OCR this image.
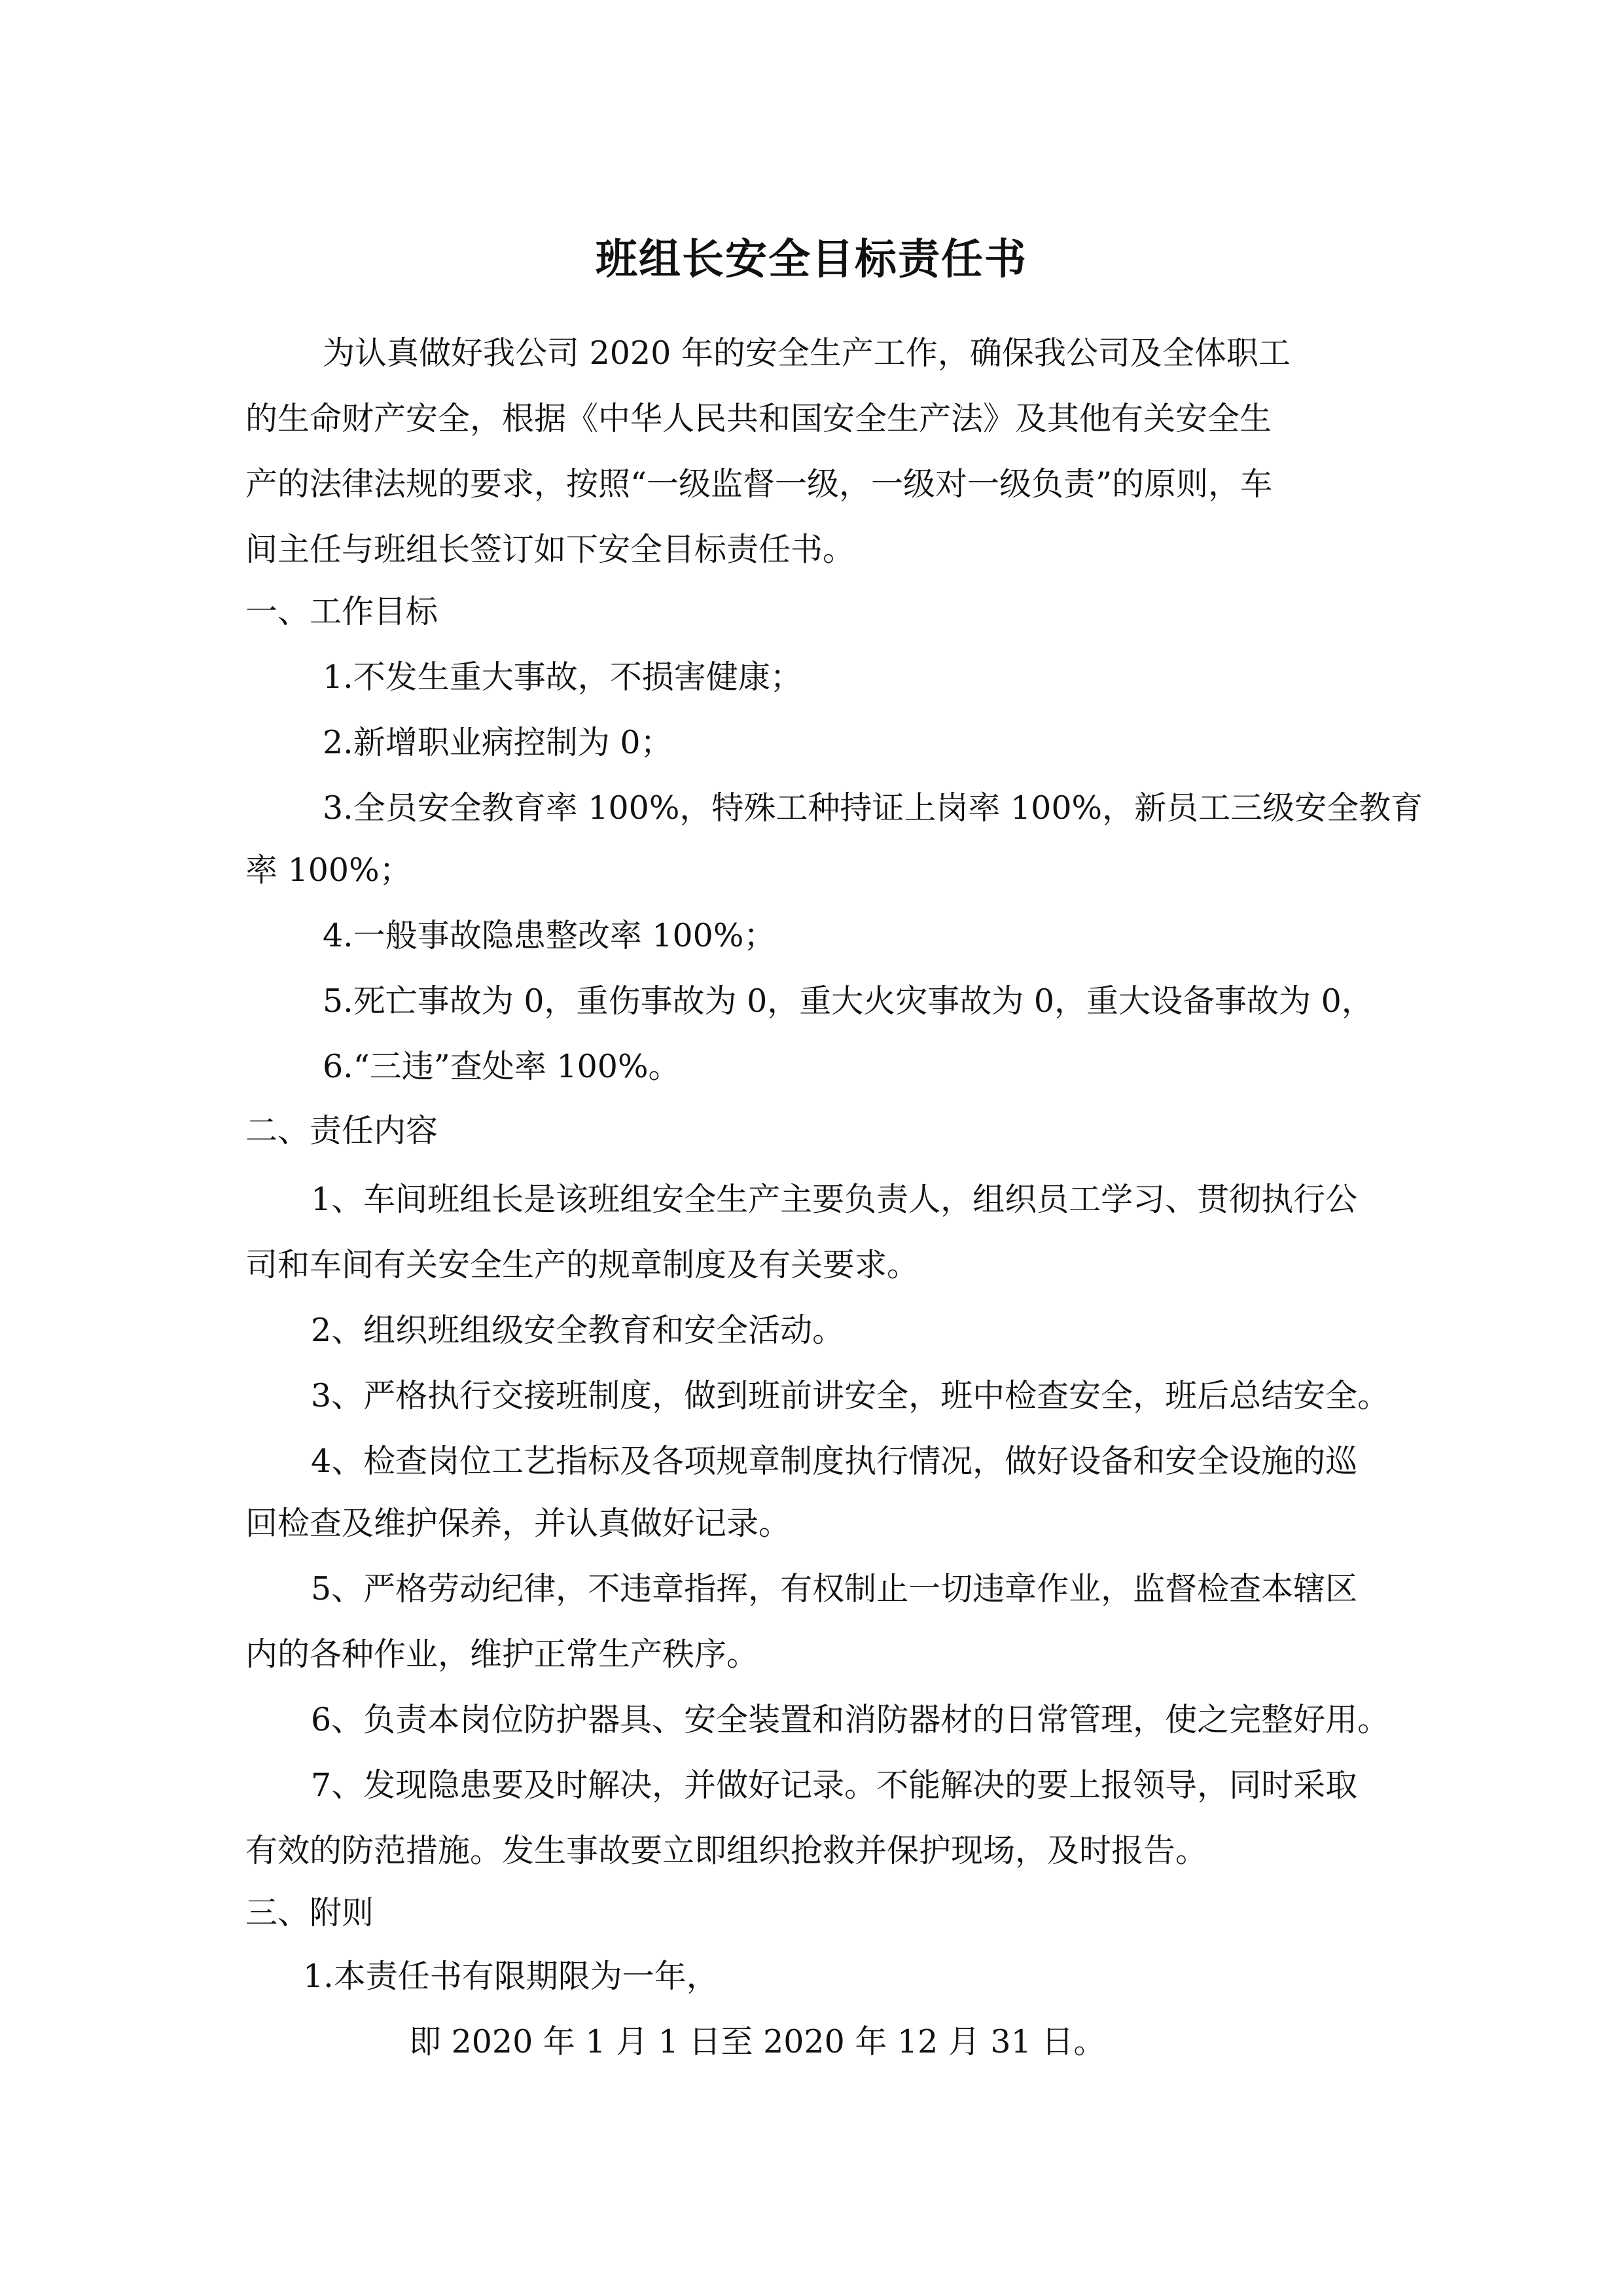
班组长安全目标责任书
为认真做好我公司 2020 年的安全生产工作，确保我公司及全体职工
的生命财产安全，根据《中华人民共和国安全生产法》及其他有关安全生
产的法律法规的要求，按照“一级监督一级，一级对一级负责”的原则，车
间主任与班组长签订如下安全目标责任书。
一、工作目标
1.不发生重大事故，不损害健康；
2.新增职业病控制为 0；
3.全员安全教育率 100%，特殊工种持证上岗率 100%，新员工三级安全教育
率 100%；
4.一般事故隐患整改率 100%；
5.死亡事故为 0，重伤事故为 0，重大火灾事故为 0，重大设备事故为 0，
6.“三违”查处率 100%。
二、责任内容
1、车间班组长是该班组安全生产主要负责人，组织员工学习、贯彻执行公
司和车间有关安全生产的规章制度及有关要求。
2、组织班组级安全教育和安全活动。
3、严格执行交接班制度，做到班前讲安全，班中检查安全，班后总结安全。
4、检查岗位工艺指标及各项规章制度执行情况，做好设备和安全设施的巡
回检查及维护保养，并认真做好记录。
5、严格劳动纪律，不违章指挥，有权制止一切违章作业，监督检查本辖区
内的各种作业，维护正常生产秩序。
6、负责本岗位防护器具、安全装置和消防器材的日常管理，使之完整好用。
7、发现隐患要及时解决，并做好记录。不能解决的要上报领导，同时采取
有效的防范措施。发生事故要立即组织抢救并保护现场，及时报告。
三、附则
1.本责任书有限期限为一年，
即 2020 年 1 月 1 日至 2020 年 12 月 31 日。
